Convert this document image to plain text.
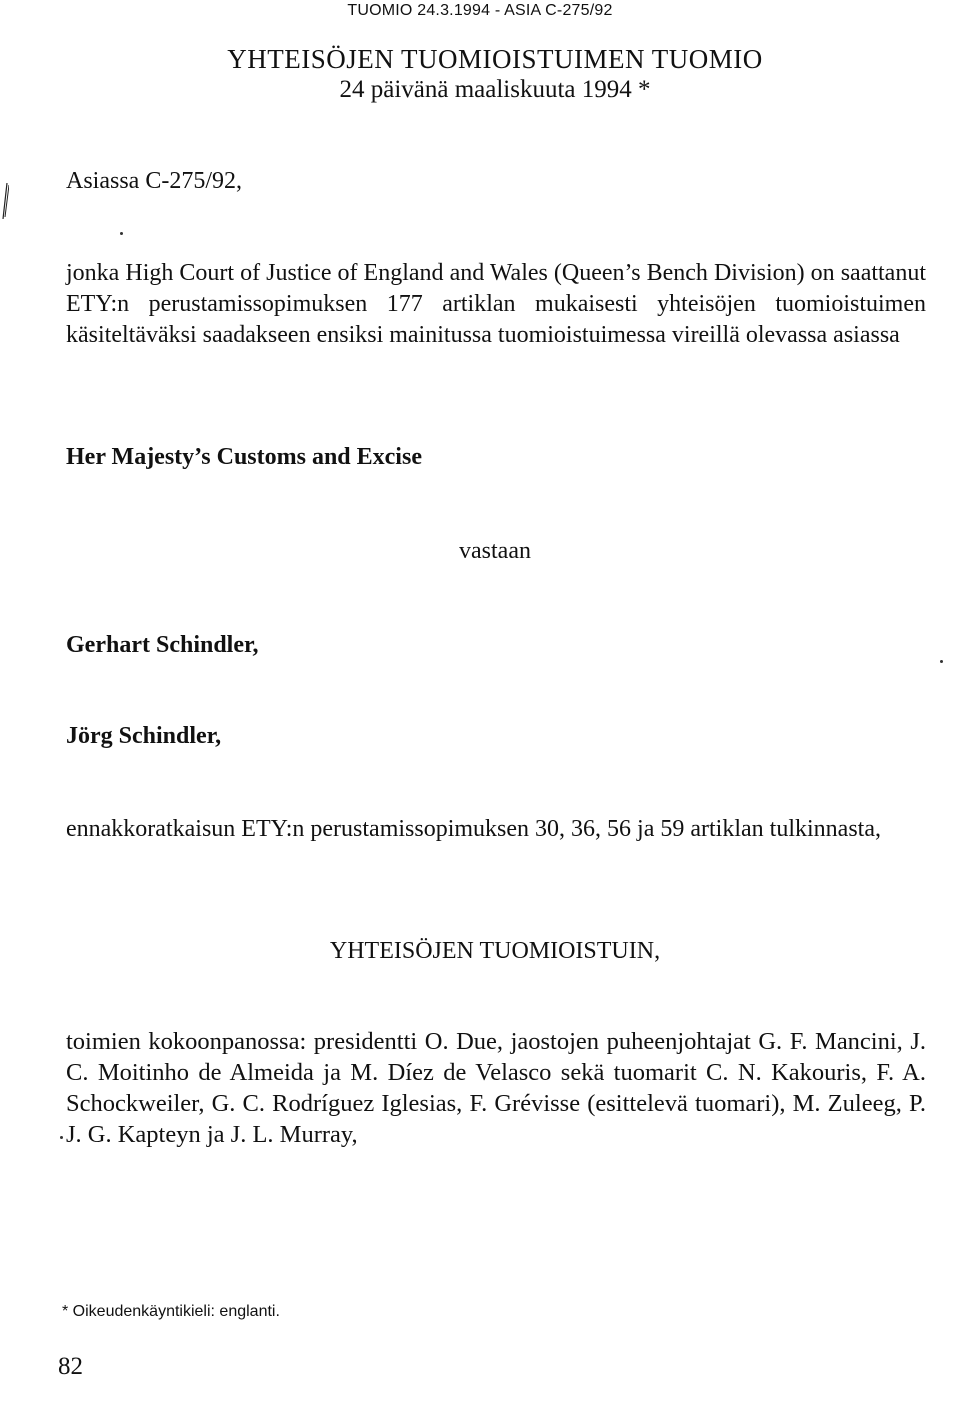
TUOMIO 24.3.1994 - ASIA C-275/92
YHTEISÖJEN TUOMIOISTUIMEN TUOMIO
24 päivänä maaliskuuta 1994 *
Asiassa C-275/92,
jonka High Court of Justice of England and Wales (Queen’s Bench Division) on saattanut ETY:n perustamissopimuksen 177 artiklan mukaisesti yhteisöjen tuomioistuimen käsiteltäväksi saadakseen ensiksi mainitussa tuomioistuimessa vireillä olevassa asiassa
Her Majesty’s Customs and Excise
vastaan
Gerhart Schindler,
Jörg Schindler,
ennakkoratkaisun ETY:n perustamissopimuksen 30, 36, 56 ja 59 artiklan tulkinnasta,
YHTEISÖJEN TUOMIOISTUIN,
toimien kokoonpanossa: presidentti O. Due, jaostojen puheenjohtajat G. F. Mancini, J. C. Moitinho de Almeida ja M. Díez de Velasco sekä tuomarit C. N. Kakouris, F. A. Schockweiler, G. C. Rodríguez Iglesias, F. Grévisse (esittelevä tuomari), M. Zuleeg, P. J. G. Kapteyn ja J. L. Murray,
* Oikeudenkäyntikieli: englanti.
82
